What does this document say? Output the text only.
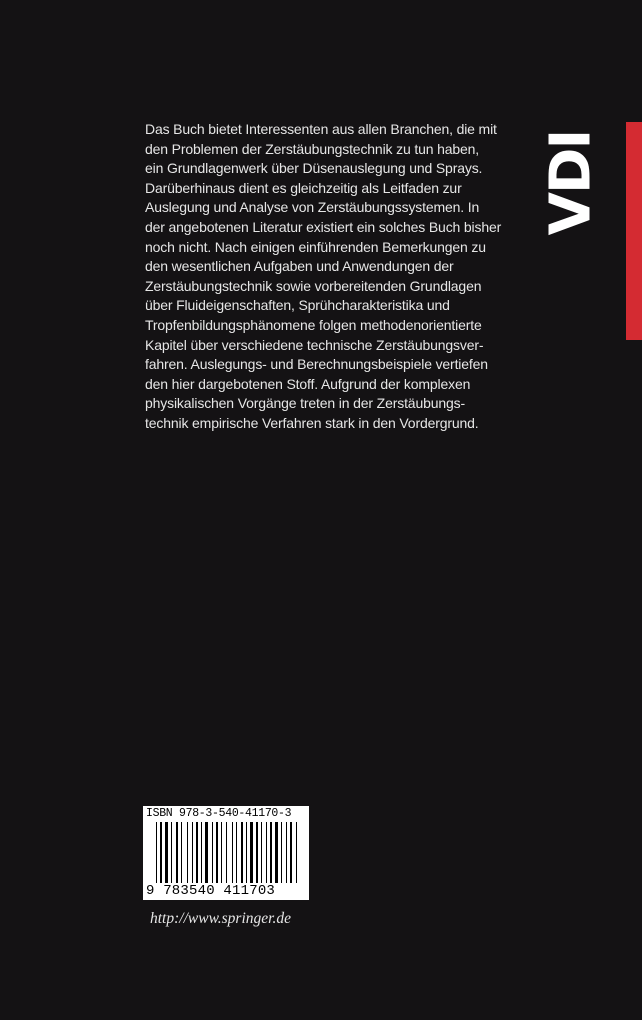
Das Buch bietet Interessenten aus allen Branchen, die mit
den Problemen der Zerstäubungstechnik zu tun haben,
ein Grundlagenwerk über Düsenauslegung und Sprays.
Darüberhinaus dient es gleichzeitig als Leitfaden zur
Auslegung und Analyse von Zerstäubungssystemen. In
der angebotenen Literatur existiert ein solches Buch bisher
noch nicht. Nach einigen einführenden Bemerkungen zu
den wesentlichen Aufgaben und Anwendungen der
Zerstäubungstechnik sowie vorbereitenden Grundlagen
über Fluideigenschaften, Sprühcharakteristika und
Tropfenbildungsphänomene folgen methodenorientierte
Kapitel über verschiedene technische Zerstäubungsver-
fahren. Auslegungs- und Berechnungsbeispiele vertiefen
den hier dargebotenen Stoff. Aufgrund der komplexen
physikalischen Vorgänge treten in der Zerstäubungs-
technik empirische Verfahren stark in den Vordergrund.
VDI

ISBN 978-3-540-41170-3

9 783540 411703

http://www.springer.de
